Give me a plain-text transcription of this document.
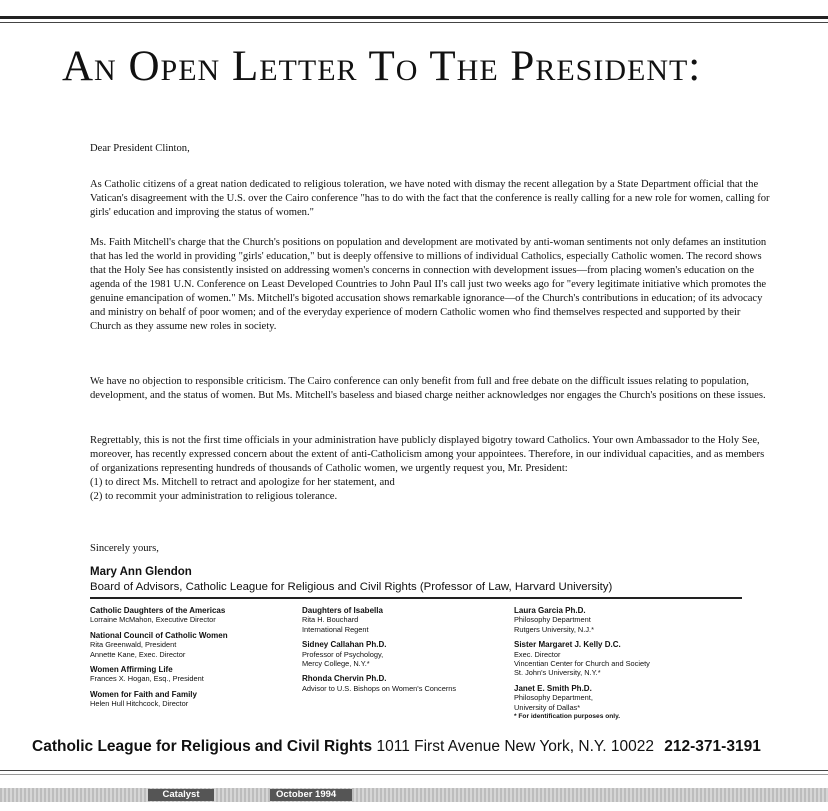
An Open Letter To The President:
Dear President Clinton,
As Catholic citizens of a great nation dedicated to religious toleration, we have noted with dismay the recent allegation by a State Department official that the Vatican's disagreement with the U.S. over the Cairo conference "has to do with the fact that the conference is really calling for a new role for women, calling for girls' education and improving the status of women."
Ms. Faith Mitchell's charge that the Church's positions on population and development are motivated by anti-woman sentiments not only defames an institution that has led the world in providing "girls' education," but is deeply offensive to millions of individual Catholics, especially Catholic women. The record shows that the Holy See has consistently insisted on addressing women's concerns in connection with development issues—from placing women's education on the agenda of the 1981 U.N. Conference on Least Developed Countries to John Paul II's call just two weeks ago for "every legitimate initiative which promotes the genuine emancipation of women." Ms. Mitchell's bigoted accusation shows remarkable ignorance—of the Church's contributions in education; of its advocacy and ministry on behalf of poor women; and of the everyday experience of modern Catholic women who find themselves respected and supported by their Church as they assume new roles in society.
We have no objection to responsible criticism. The Cairo conference can only benefit from full and free debate on the difficult issues relating to population, development, and the status of women. But Ms. Mitchell's baseless and biased charge neither acknowledges nor engages the Church's positions on these issues.

Regrettably, this is not the first time officials in your administration have publicly displayed bigotry toward Catholics. Your own Ambassador to the Holy See, moreover, has recently expressed concern about the extent of anti-Catholicism among your appointees. Therefore, in our individual capacities, and as members of organizations representing hundreds of thousands of Catholic women, we urgently request you, Mr. President:

(1) to direct Ms. Mitchell to retract and apologize for her statement, and

(2) to recommit your administration to religious tolerance.

Sincerely yours,
Mary Ann Glendon
Board of Advisors, Catholic League for Religious and Civil Rights (Professor of Law, Harvard University)
Catholic Daughters of the Americas
Lorraine McMahon, Executive Director
National Council of Catholic Women
Rita Greenwald, President
Annette Kane, Exec. Director
Women Affirming Life
Frances X. Hogan, Esq., President
Women for Faith and Family
Helen Hull Hitchcock, Director
Daughters of Isabella
Rita H. Bouchard
International Regent
Sidney Callahan Ph.D.
Professor of Psychology,
Mercy College, N.Y.*
Rhonda Chervin Ph.D.
Advisor to U.S. Bishops on Women's Concerns
Laura Garcia Ph.D.
Philosophy Department
Rutgers University, N.J.*
Sister Margaret J. Kelly D.C.
Exec. Director
Vincentian Center for Church and Society
St. John's University, N.Y.*
Janet E. Smith Ph.D.
Philosophy Department,
University of Dallas*
* For identification purposes only.
Catholic League for Religious and Civil Rights 1011 First Avenue New York, N.Y. 10022 212-371-3191
Catalyst	October 1994
